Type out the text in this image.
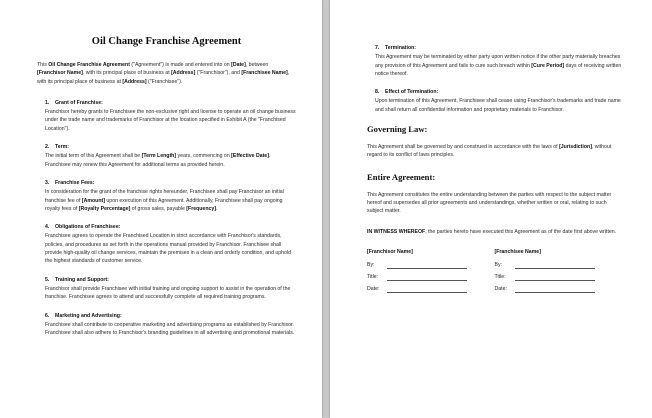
Oil Change Franchise Agreement

This Oil Change Franchise Agreement ("Agreement") is made and entered into on [Date], between [Franchisor Name], with its principal place of business at [Address] ("Franchisor"), and [Franchisee Name], with its principal place of business at [Address] ("Franchisee").

1. Grant of Franchise:

Franchisor hereby grants to Franchisee the non-exclusive right and license to operate an oil change business under the trade name and trademarks of Franchisor at the location specified in Exhibit A (the "Franchised Location").

2. Term:

The initial term of this Agreement shall be [Term Length] years, commencing on [Effective Date]. Franchisee may renew this Agreement for additional terms as provided herein.

3. Franchise Fees:

In consideration for the grant of the franchise rights hereunder, Franchisee shall pay Franchisor an initial franchise fee of [Amount] upon execution of this Agreement. Additionally, Franchisee shall pay ongoing royalty fees of [Royalty Percentage] of gross sales, payable [Frequency].

4. Obligations of Franchisee:

Franchisee agrees to operate the Franchised Location in strict accordance with Franchisor's standards, policies, and procedures as set forth in the operations manual provided by Franchisor. Franchisee shall provide high-quality oil change services, maintain the premises in a clean and orderly condition, and uphold the highest standards of customer service.

5. Training and Support:

Franchisor shall provide Franchisee with initial training and ongoing support to assist in the operation of the franchise. Franchisee agrees to attend and successfully complete all required training programs.

6. Marketing and Advertising:

Franchisee shall contribute to cooperative marketing and advertising programs as established by Franchisor. Franchisee shall also adhere to Franchisor's branding guidelines in all advertising and promotional materials.

7. Termination:

This Agreement may be terminated by either party upon written notice if the other party materially breaches any provision of this Agreement and fails to cure such breach within [Cure Period] days of receiving written notice thereof.

8. Effect of Termination:

Upon termination of this Agreement, Franchisee shall cease using Franchisor's trademarks and trade name and shall return all confidential information and proprietary materials to Franchisor.

Governing Law:

This Agreement shall be governed by and construed in accordance with the laws of [Jurisdiction], without regard to its conflict of laws principles.

Entire Agreement:

This Agreement constitutes the entire understanding between the parties with respect to the subject matter hereof and supersedes all prior agreements and understandings, whether written or oral, relating to such subject matter.

IN WITNESS WHEREOF, the parties hereto have executed this Agreement as of the date first above written.

[Franchisor Name]
By:
Title:
Date:
[Franchisee Name]
By:
Title:
Date:
